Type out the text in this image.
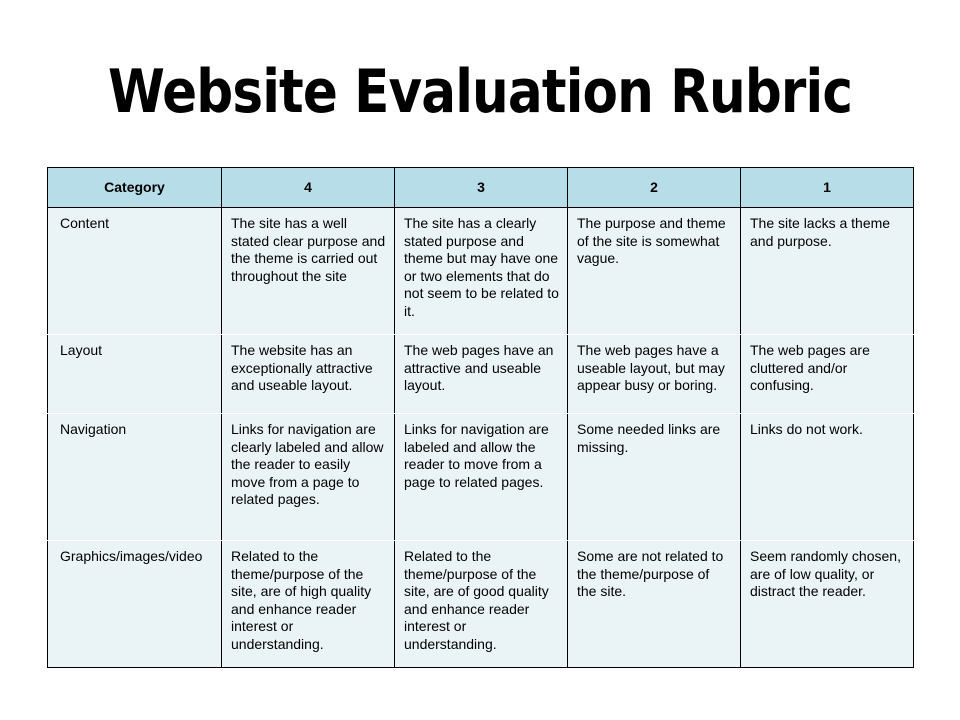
Website Evaluation Rubric
Category	4	3	2	1
Content	The site has a well stated clear purpose and the theme is carried out throughout the site	The site has a clearly stated purpose and theme but may have one or two elements that do not seem to be related to it.	The purpose and theme of the site is somewhat vague.	The site lacks a theme and purpose.
Layout	The website has an exceptionally attractive and useable layout.	The web pages have an attractive and useable layout.	The web pages have a useable layout, but may appear busy or boring.	The web pages are cluttered and/or confusing.
Navigation	Links for navigation are clearly labeled and allow the reader to easily move from a page to related pages.	Links for navigation are labeled and allow the reader to move from a page to related pages.	Some needed links are missing.	Links do not work.
Graphics/images/video	Related to the theme/purpose of the site, are of high quality and enhance reader interest or understanding.	Related to the theme/purpose of the site, are of good quality and enhance reader interest or understanding.	Some are not related to the theme/purpose of the site.	Seem randomly chosen, are of low quality, or distract the reader.
